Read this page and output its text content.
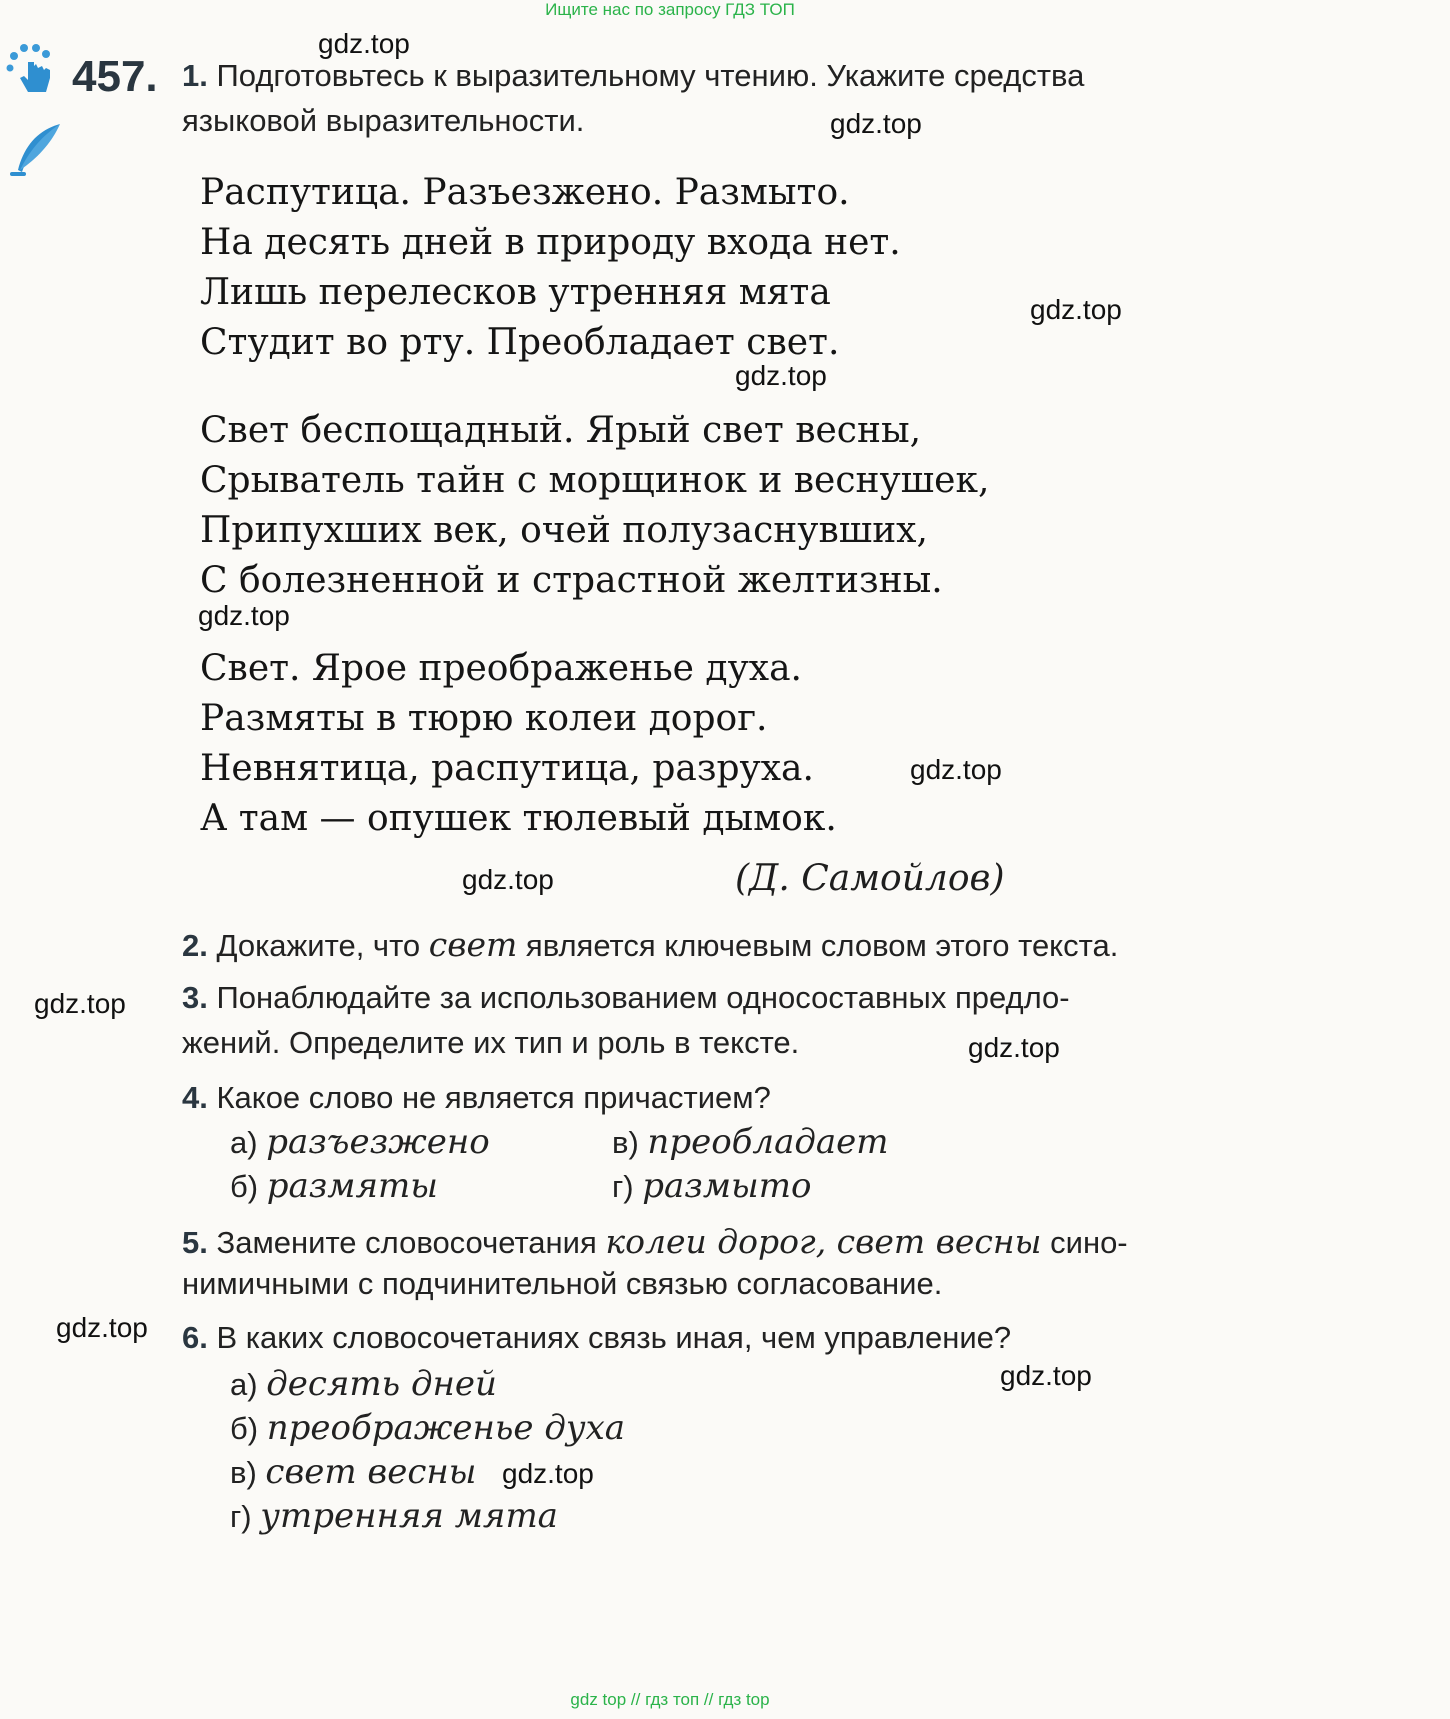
Ищите нас по запросу ГДЗ ТОП
457. 1. Подготовьтесь к выразительному чтению. Укажите средства
языковой выразительности.
Распутица. Разъезжено. Размыто.
На десять дней в природу входа нет.
Лишь перелесков утренняя мята
Студит во рту. Преобладает свет.
Свет беспощадный. Ярый свет весны,
Срыватель тайн с морщинок и веснушек,
Припухших век, очей полузаснувших,
С болезненной и страстной желтизны.
Свет. Ярое преображенье духа.
Размяты в тюрю колеи дорог.
Невнятица, распутица, разруха.
А там — опушек тюлевый дымок.
(Д. Самойлов)
2. Докажите, что свет является ключевым словом этого текста.
3. Понаблюдайте за использованием односоставных предло-
жений. Определите их тип и роль в тексте.
4. Какое слово не является причастием?
а) разъезжено	в) преобладает
б) размяты	г) размыто
5. Замените словосочетания колеи дорог, свет весны сино-
нимичными с подчинительной связью согласование.
6. В каких словосочетаниях связь иная, чем управление?
а) десять дней
б) преображенье духа
в) свет весны
г) утренняя мята
gdz.top
gdz.top
gdz.top
gdz.top
gdz.top
gdz.top
gdz.top
gdz.top
gdz.top
gdz.top
gdz.top
gdz.top
gdz top // гдз топ // гдз top
